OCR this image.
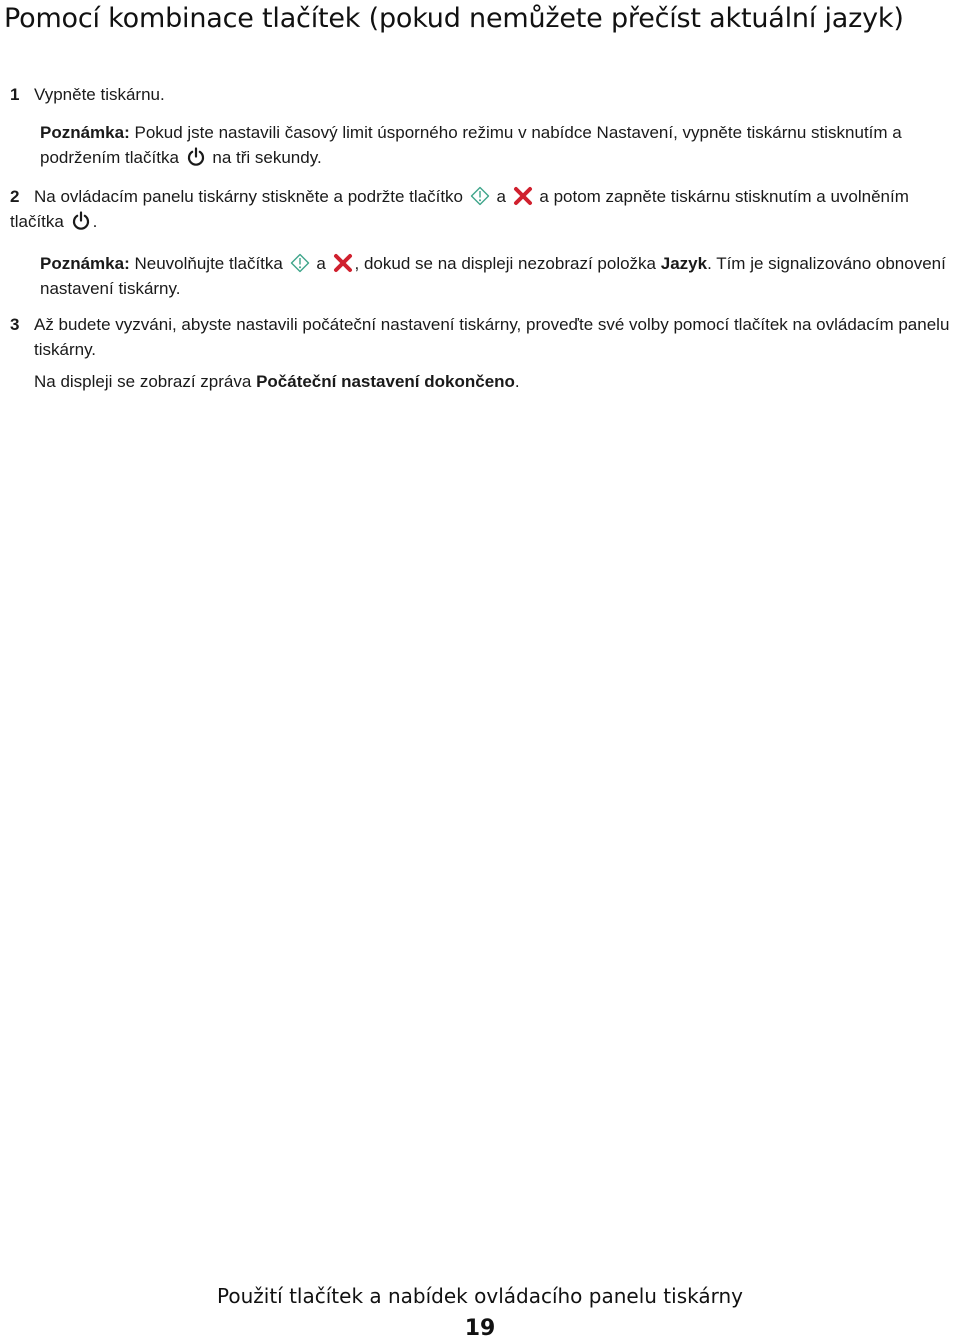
Pomocí kombinace tlačítek (pokud nemůžete přečíst aktuální jazyk)
1 Vypněte tiskárnu.
Poznámka: Pokud jste nastavili časový limit úsporného režimu v nabídce Nastavení, vypněte tiskárnu stisknutím a podržením tlačítka na tři sekundy.
2 Na ovládacím panelu tiskárny stiskněte a podržte tlačítko a a potom zapněte tiskárnu stisknutím a uvolněním tlačítka .
Poznámka: Neuvolňujte tlačítka a , dokud se na displeji nezobrazí položka Jazyk. Tím je signalizováno obnovení nastavení tiskárny.
3 Až budete vyzváni, abyste nastavili počáteční nastavení tiskárny, proveďte své volby pomocí tlačítek na ovládacím panelu tiskárny.
Na displeji se zobrazí zpráva Počáteční nastavení dokončeno.
Použití tlačítek a nabídek ovládacího panelu tiskárny
19
